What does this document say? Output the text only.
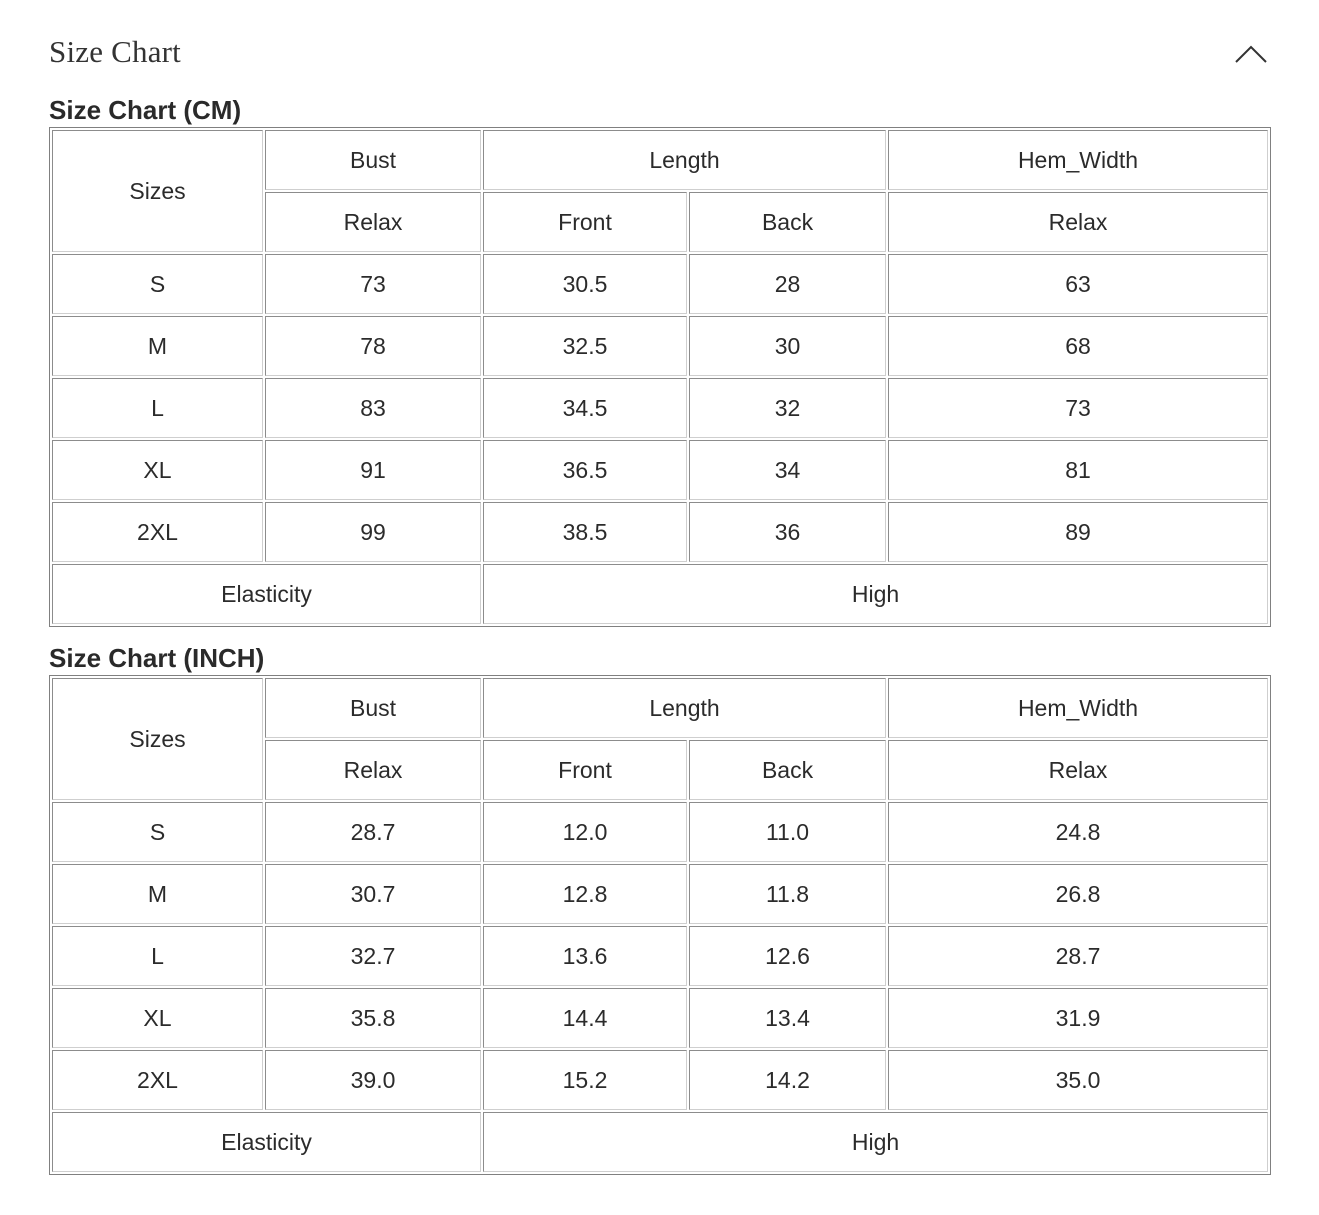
Size Chart
Size Chart (CM)
Sizes	Bust	Length		Hem_Width
	Relax	Front	Back	Relax
S	73	30.5	28	63
M	78	32.5	30	68
L	83	34.5	32	73
XL	91	36.5	34	81
2XL	99	38.5	36	89
Elasticity		High		
Size Chart (INCH)
Sizes	Bust	Length		Hem_Width
	Relax	Front	Back	Relax
S	28.7	12.0	11.0	24.8
M	30.7	12.8	11.8	26.8
L	32.7	13.6	12.6	28.7
XL	35.8	14.4	13.4	31.9
2XL	39.0	15.2	14.2	35.0
Elasticity		High		
